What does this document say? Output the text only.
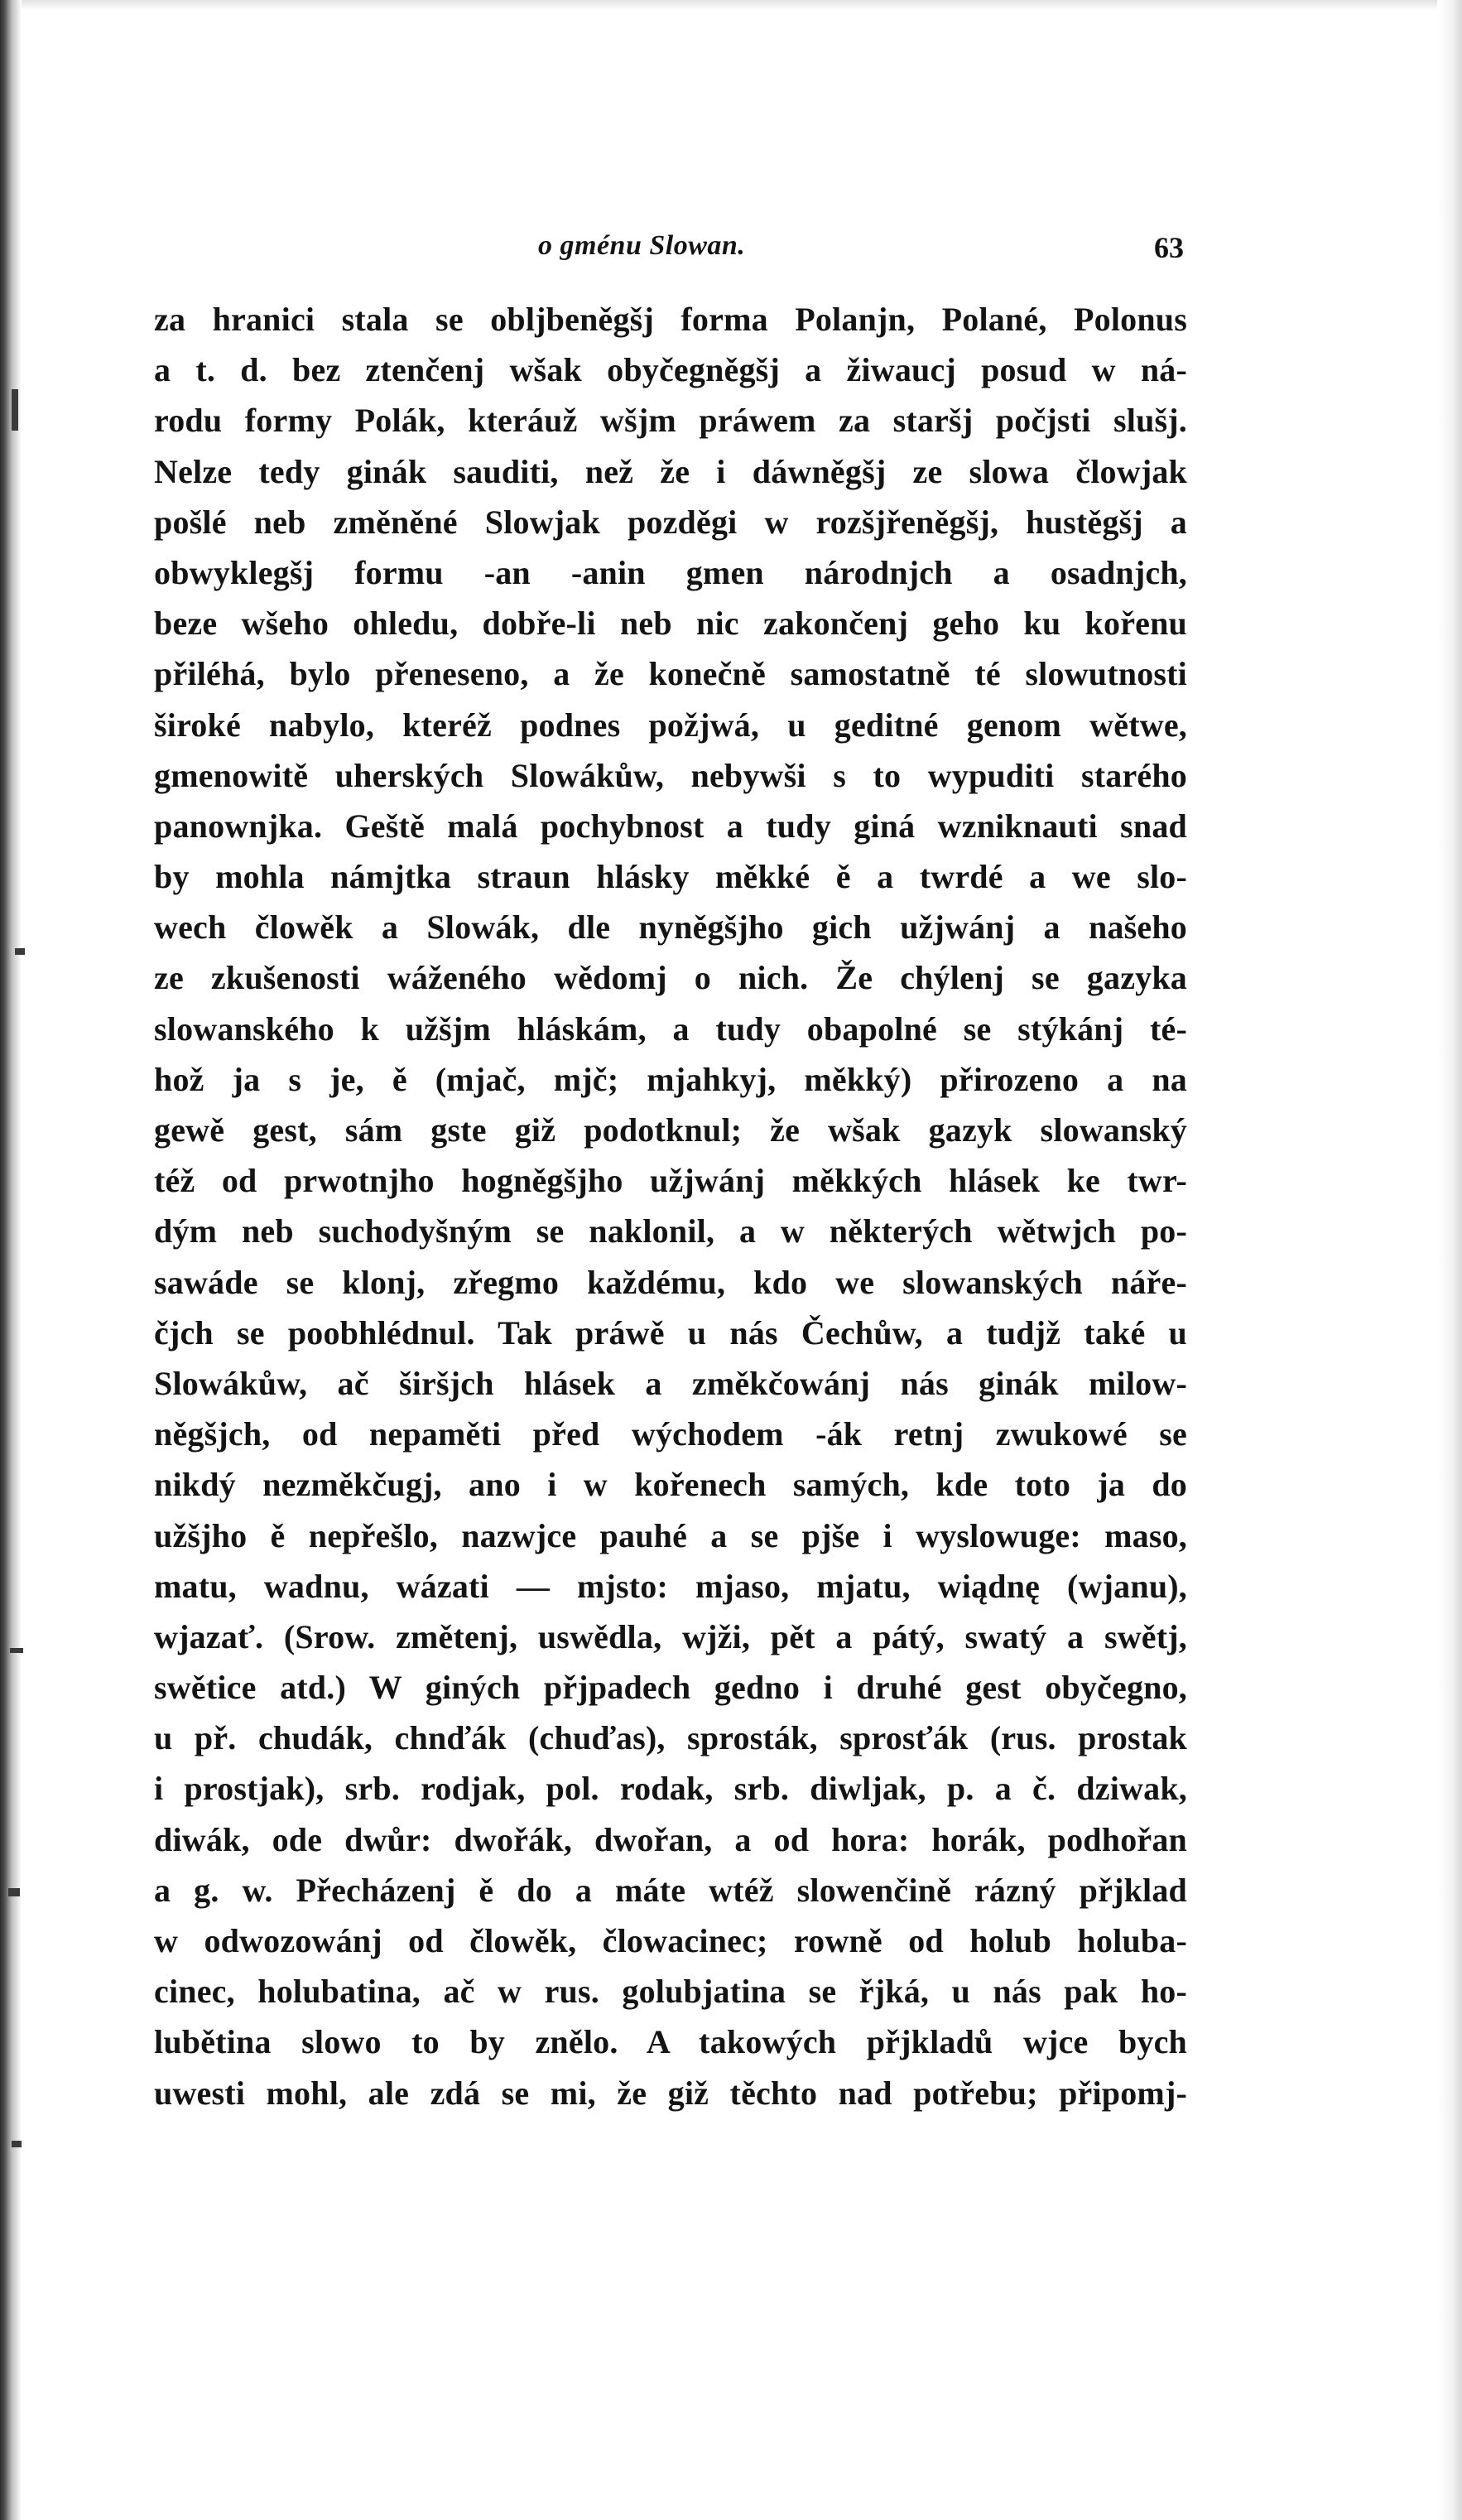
o gménu Slowan.	63
za hranici stala se obljbeněgšj forma Polanjn, Polané, Polonus
a t. d. bez ztenčenj wšak obyčegněgšj a žiwaucj posud w ná-
rodu formy Polák, kteráuž wšjm práwem za staršj počjsti slušj.
Nelze tedy ginák sauditi, než že i dáwněgšj ze slowa člowjak
pošlé neb změněné Slowjak pozděgi w rozšjřeněgšj, hustěgšj a
obwyklegšj formu -an -anin gmen národnjch a osadnjch,
beze wšeho ohledu, dobře-li neb nic zakončenj geho ku kořenu
přiléhá, bylo přeneseno, a že konečně samostatně té slowutnosti
široké nabylo, kteréž podnes požjwá, u geditné genom wětwe,
gmenowitě uherských Slowákůw, nebywši s to wypuditi starého
panownjka. Geště malá pochybnost a tudy giná wzniknauti snad
by mohla námjtka straun hlásky měkké ě a twrdé a we slo-
wech člowěk a Slowák, dle nyněgšjho gich užjwánj a našeho
ze zkušenosti wáženého wědomj o nich. Že chýlenj se gazyka
slowanského k užšjm hláskám, a tudy obapolné se stýkánj té-
hož ja s je, ě (mjač, mjč; mjahkyj, měkký) přirozeno a na
gewě gest, sám gste giž podotknul; že wšak gazyk slowanský
též od prwotnjho hogněgšjho užjwánj měkkých hlásek ke twr-
dým neb suchodyšným se naklonil, a w některých wětwjch po-
sawáde se klonj, zřegmo každému, kdo we slowanských náře-
čjch se poobhlédnul. Tak práwě u nás Čechůw, a tudjž také u
Slowákůw, ač širšjch hlásek a změkčowánj nás ginák milow-
něgšjch, od nepaměti před wýchodem -ák retnj zwukowé se
nikdý nezměkčugj, ano i w kořenech samých, kde toto ja do
užšjho ě nepřešlo, nazwjce pauhé a se pjše i wyslowuge: maso,
matu, wadnu, wázati — mjsto: mjaso, mjatu, wiądnę (wjanu),
wjazať. (Srow. změtenj, uswědla, wjži, pět a pátý, swatý a swětj,
swětice atd.) W giných přjpadech gedno i druhé gest obyčegno,
u př. chudák, chnďák (chuďas), sprosták, sprosťák (rus. prostak
i prostjak), srb. rodjak, pol. rodak, srb. diwljak, p. a č. dziwak,
diwák, ode dwůr: dwořák, dwořan, a od hora: horák, podhořan
a g. w. Přecházenj ě do a máte wtéž slowenčině rázný přjklad
w odwozowánj od člowěk, člowacinec; rowně od holub holuba-
cinec, holubatina, ač w rus. golubjatina se řjká, u nás pak ho-
lubětina slowo to by znělo. A takowých přjkladů wjce bych
uwesti mohl, ale zdá se mi, že giž těchto nad potřebu; připomj-
